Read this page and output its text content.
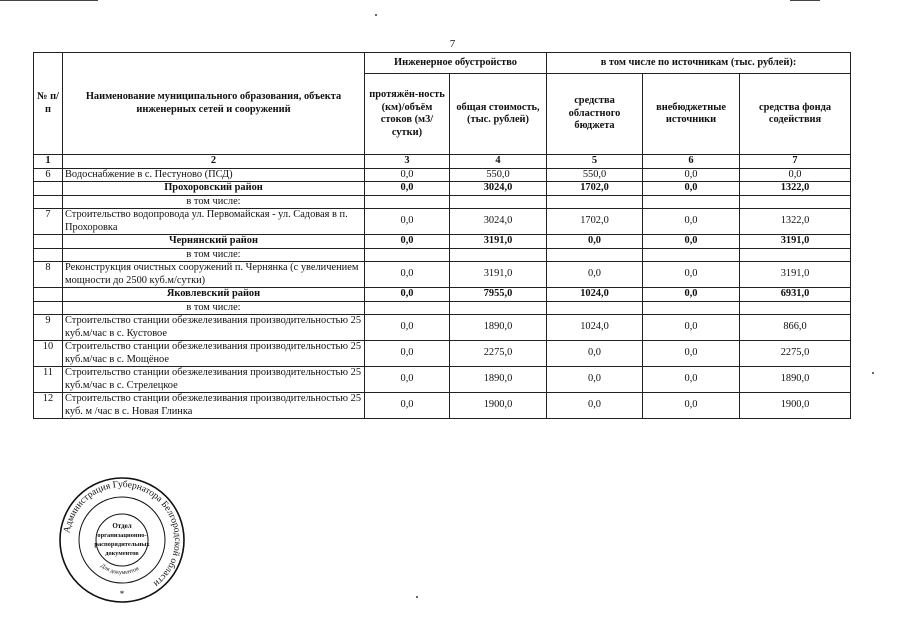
7
№ п/п	Наименование муниципального образования, объекта инженерных сетей и сооружений	Инженерное обустройство		в том числе по источникам (тыс. рублей):		
		протяжён-ность (км)/объём стоков (м3/сутки)	общая стоимость, (тыс. рублей)	средства областного бюджета	внебюджетные источники	средства фонда содействия
1	2	3	4	5	6	7
6	Водоснабжение в с. Пестуново (ПСД)	0,0	550,0	550,0	0,0	0,0
	Прохоровский район	0,0	3024,0	1702,0	0,0	1322,0
	в том числе:					
7	Строительство водопровода ул. Первомайская - ул. Садовая в п. Прохоровка	0,0	3024,0	1702,0	0,0	1322,0
	Чернянский район	0,0	3191,0	0,0	0,0	3191,0
	в том числе:					
8	Реконструкция очистных сооружений п. Чернянка (с увеличением мощности до 2500 куб.м/сутки)	0,0	3191,0	0,0	0,0	3191,0
	Яковлевский район	0,0	7955,0	1024,0	0,0	6931,0
	в том числе:					
9	Строительство станции обезжелезивания производительностью 25 куб.м/час в с. Кустовое	0,0	1890,0	1024,0	0,0	866,0
10	Строительство станции обезжелезивания производительностью 25 куб.м/час в с. Мощёное	0,0	2275,0	0,0	0,0	2275,0
11	Строительство станции обезжелезивания производительностью 25 куб.м/час в с. Стрелецкое	0,0	1890,0	0,0	0,0	1890,0
12	Строительство станции обезжелезивания производительностью 25 куб. м /час в с. Новая Глинка	0,0	1900,0	0,0	0,0	1900,0
Администрация Губернатора Белгородской области
Для документов
Отдел
организационно-
распорядительных
документов
*
